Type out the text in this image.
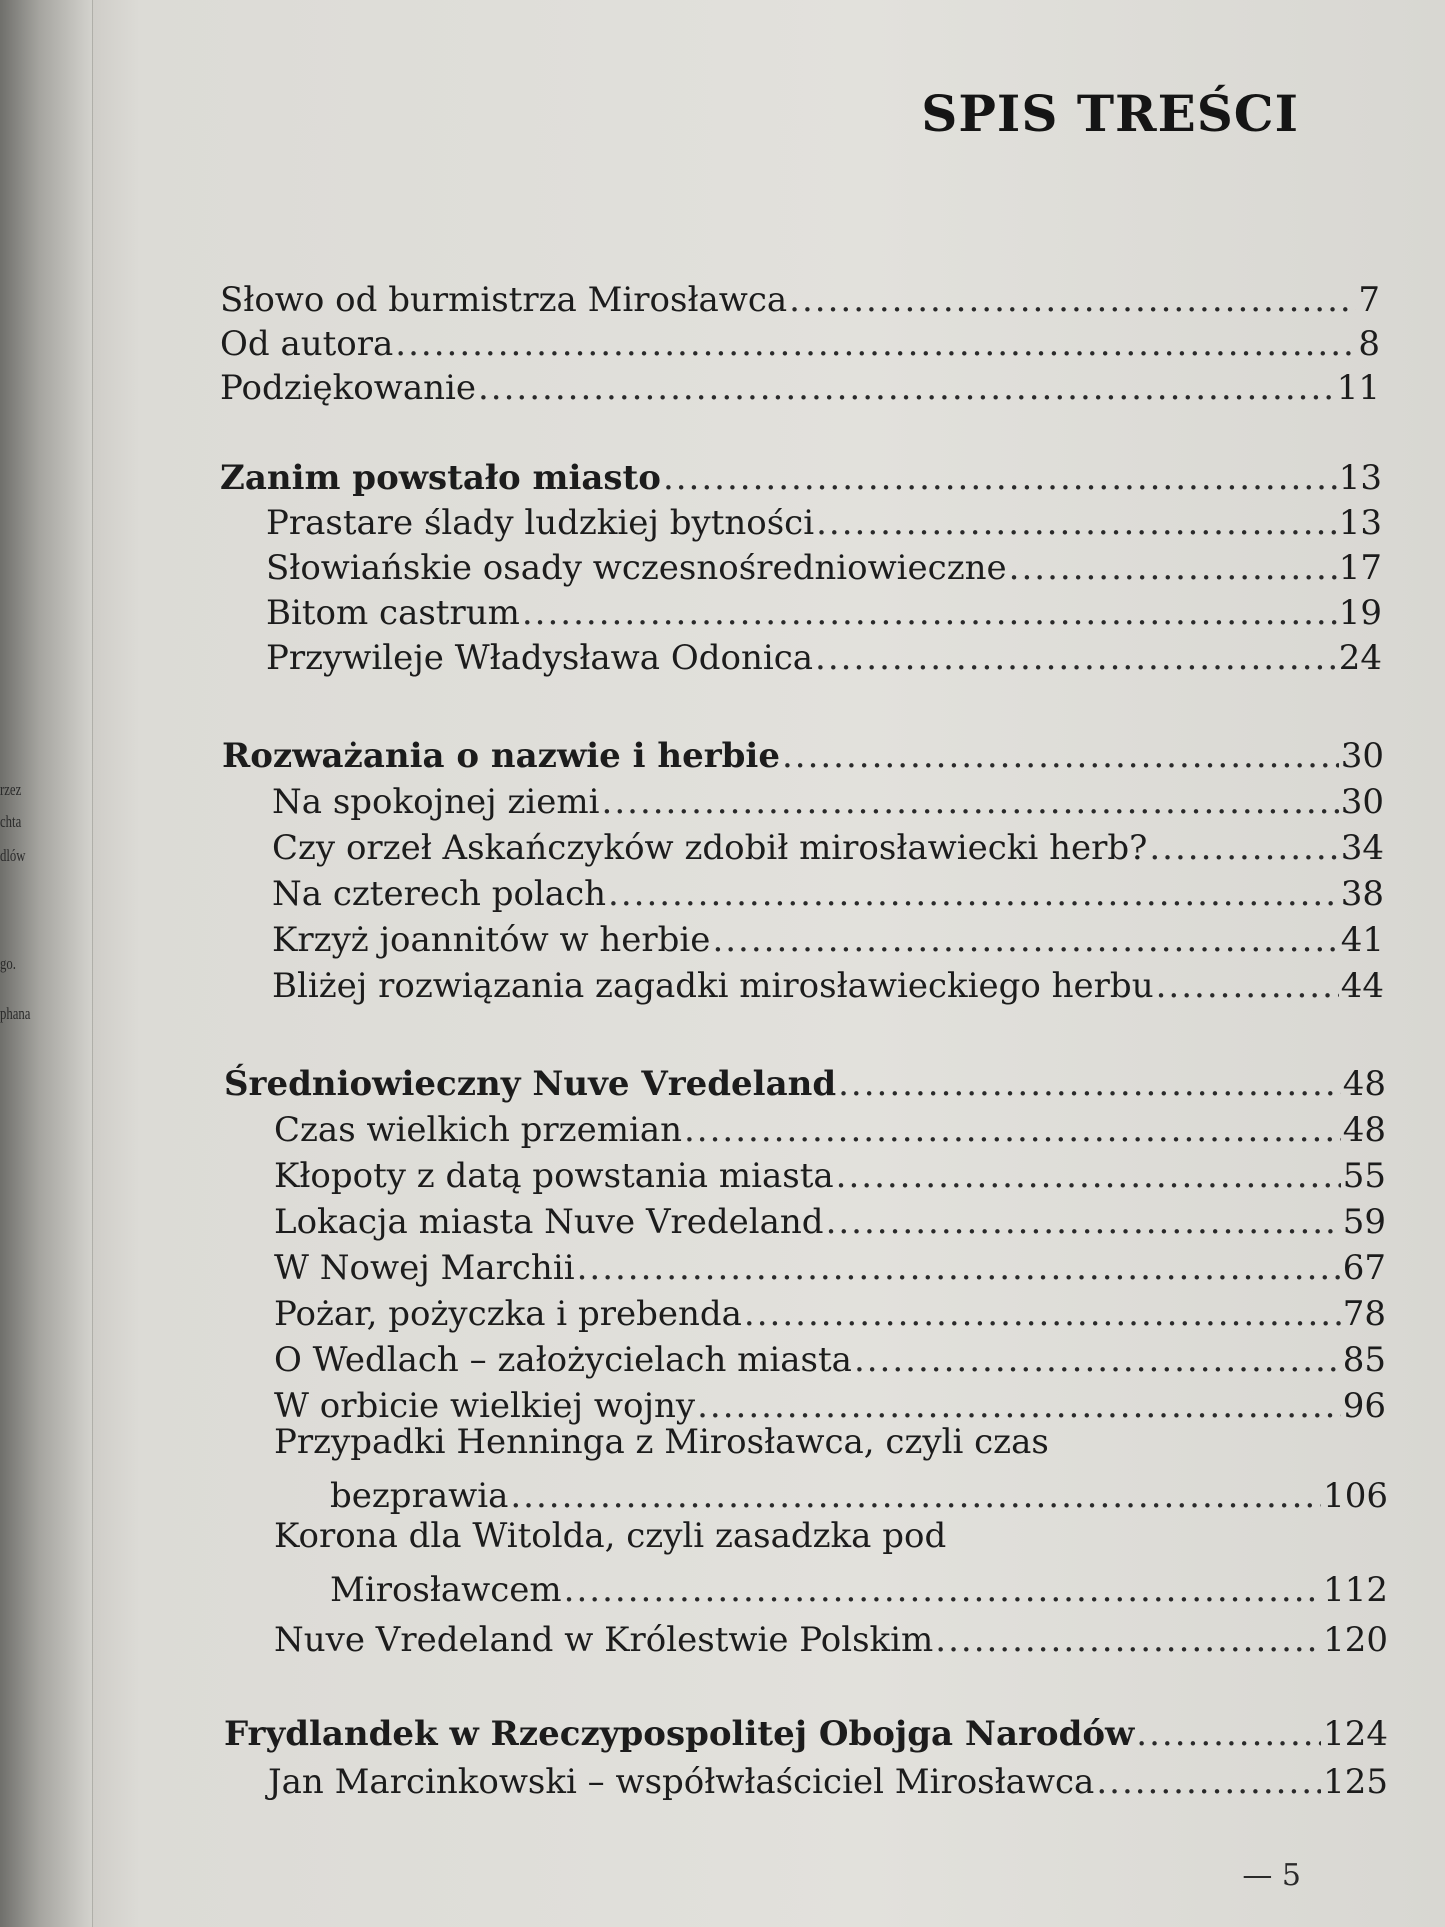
rzez
chta
dlów
go.
phana
SPIS TREŚCI
Słowo od burmistrza Mirosławca .....	7
Od autora .....	8
Podziękowanie .....	11
Zanim powstało miasto .....	13
Prastare ślady ludzkiej bytności .....	13
Słowiańskie osady wczesnośredniowieczne .....	17
Bitom castrum .....	19
Przywileje Władysława Odonica .....	24
Rozważania o nazwie i herbie .....	30
Na spokojnej ziemi .....	30
Czy orzeł Askańczyków zdobił mirosławiecki herb? .....	34
Na czterech polach .....	38
Krzyż joannitów w herbie .....	41
Bliżej rozwiązania zagadki mirosławieckiego herbu .....	44
Średniowieczny Nuve Vredeland .....	48
Czas wielkich przemian .....	48
Kłopoty z datą powstania miasta .....	55
Lokacja miasta Nuve Vredeland .....	59
W Nowej Marchii .....	67
Pożar, pożyczka i prebenda .....	78
O Wedlach – założycielach miasta .....	85
W orbicie wielkiej wojny .....	96
Przypadki Henninga z Mirosławca, czyli czas
bezprawia .....	106
Korona dla Witolda, czyli zasadzka pod
Mirosławcem .....	112
Nuve Vredeland w Królestwie Polskim .....	120
Frydlandek w Rzeczypospolitej Obojga Narodów .....	124
Jan Marcinkowski – współwłaściciel Mirosławca .....	125
— 5
